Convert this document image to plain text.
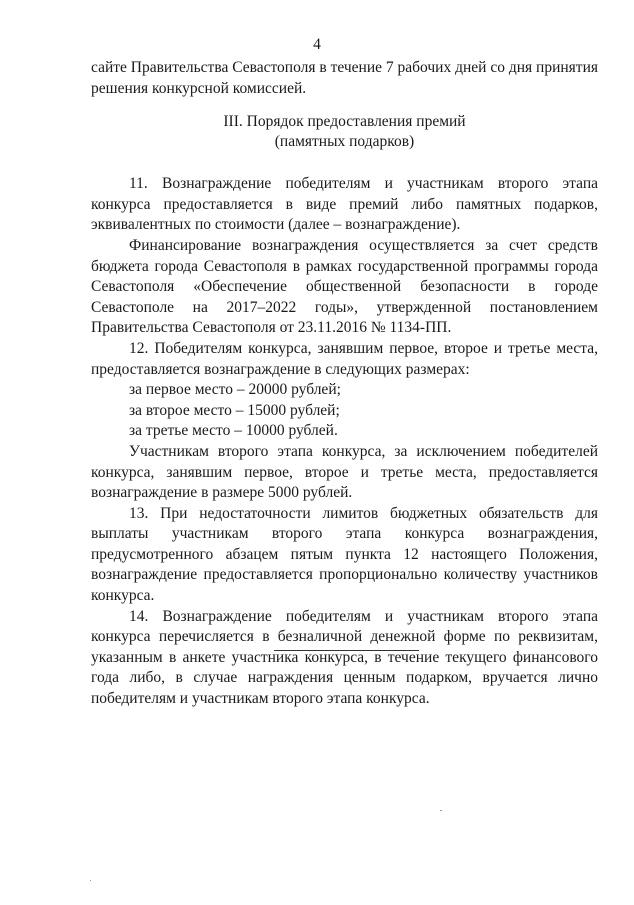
4

сайте Правительства Севастополя в течение 7 рабочих дней со дня принятия решения конкурсной комиссией.

III. Порядок предоставления премий
(памятных подарков)

11. Вознаграждение победителям и участникам второго этапа конкурса предоставляется в виде премий либо памятных подарков, эквивалентных по стоимости (далее – вознаграждение).

Финансирование вознаграждения осуществляется за счет средств бюджета города Севастополя в рамках государственной программы города Севастополя «Обеспечение общественной безопасности в городе Севастополе на 2017–2022 годы», утвержденной постановлением Правительства Севастополя от 23.11.2016 № 1134-ПП.

12. Победителям конкурса, занявшим первое, второе и третье места, предоставляется вознаграждение в следующих размерах:

за первое место – 20000 рублей;

за второе место – 15000 рублей;

за третье место – 10000 рублей.

Участникам второго этапа конкурса, за исключением победителей конкурса, занявшим первое, второе и третье места, предоставляется вознаграждение в размере 5000 рублей.

13. При недостаточности лимитов бюджетных обязательств для выплаты участникам второго этапа конкурса вознаграждения, предусмотренного абзацем пятым пункта 12 настоящего Положения, вознаграждение предоставляется пропорционально количеству участников конкурса.

14. Вознаграждение победителям и участникам второго этапа конкурса перечисляется в безналичной денежной форме по реквизитам, указанным в анкете участника конкурса, в течение текущего финансового года либо, в случае награждения ценным подарком, вручается лично победителям и участникам второго этапа конкурса.
